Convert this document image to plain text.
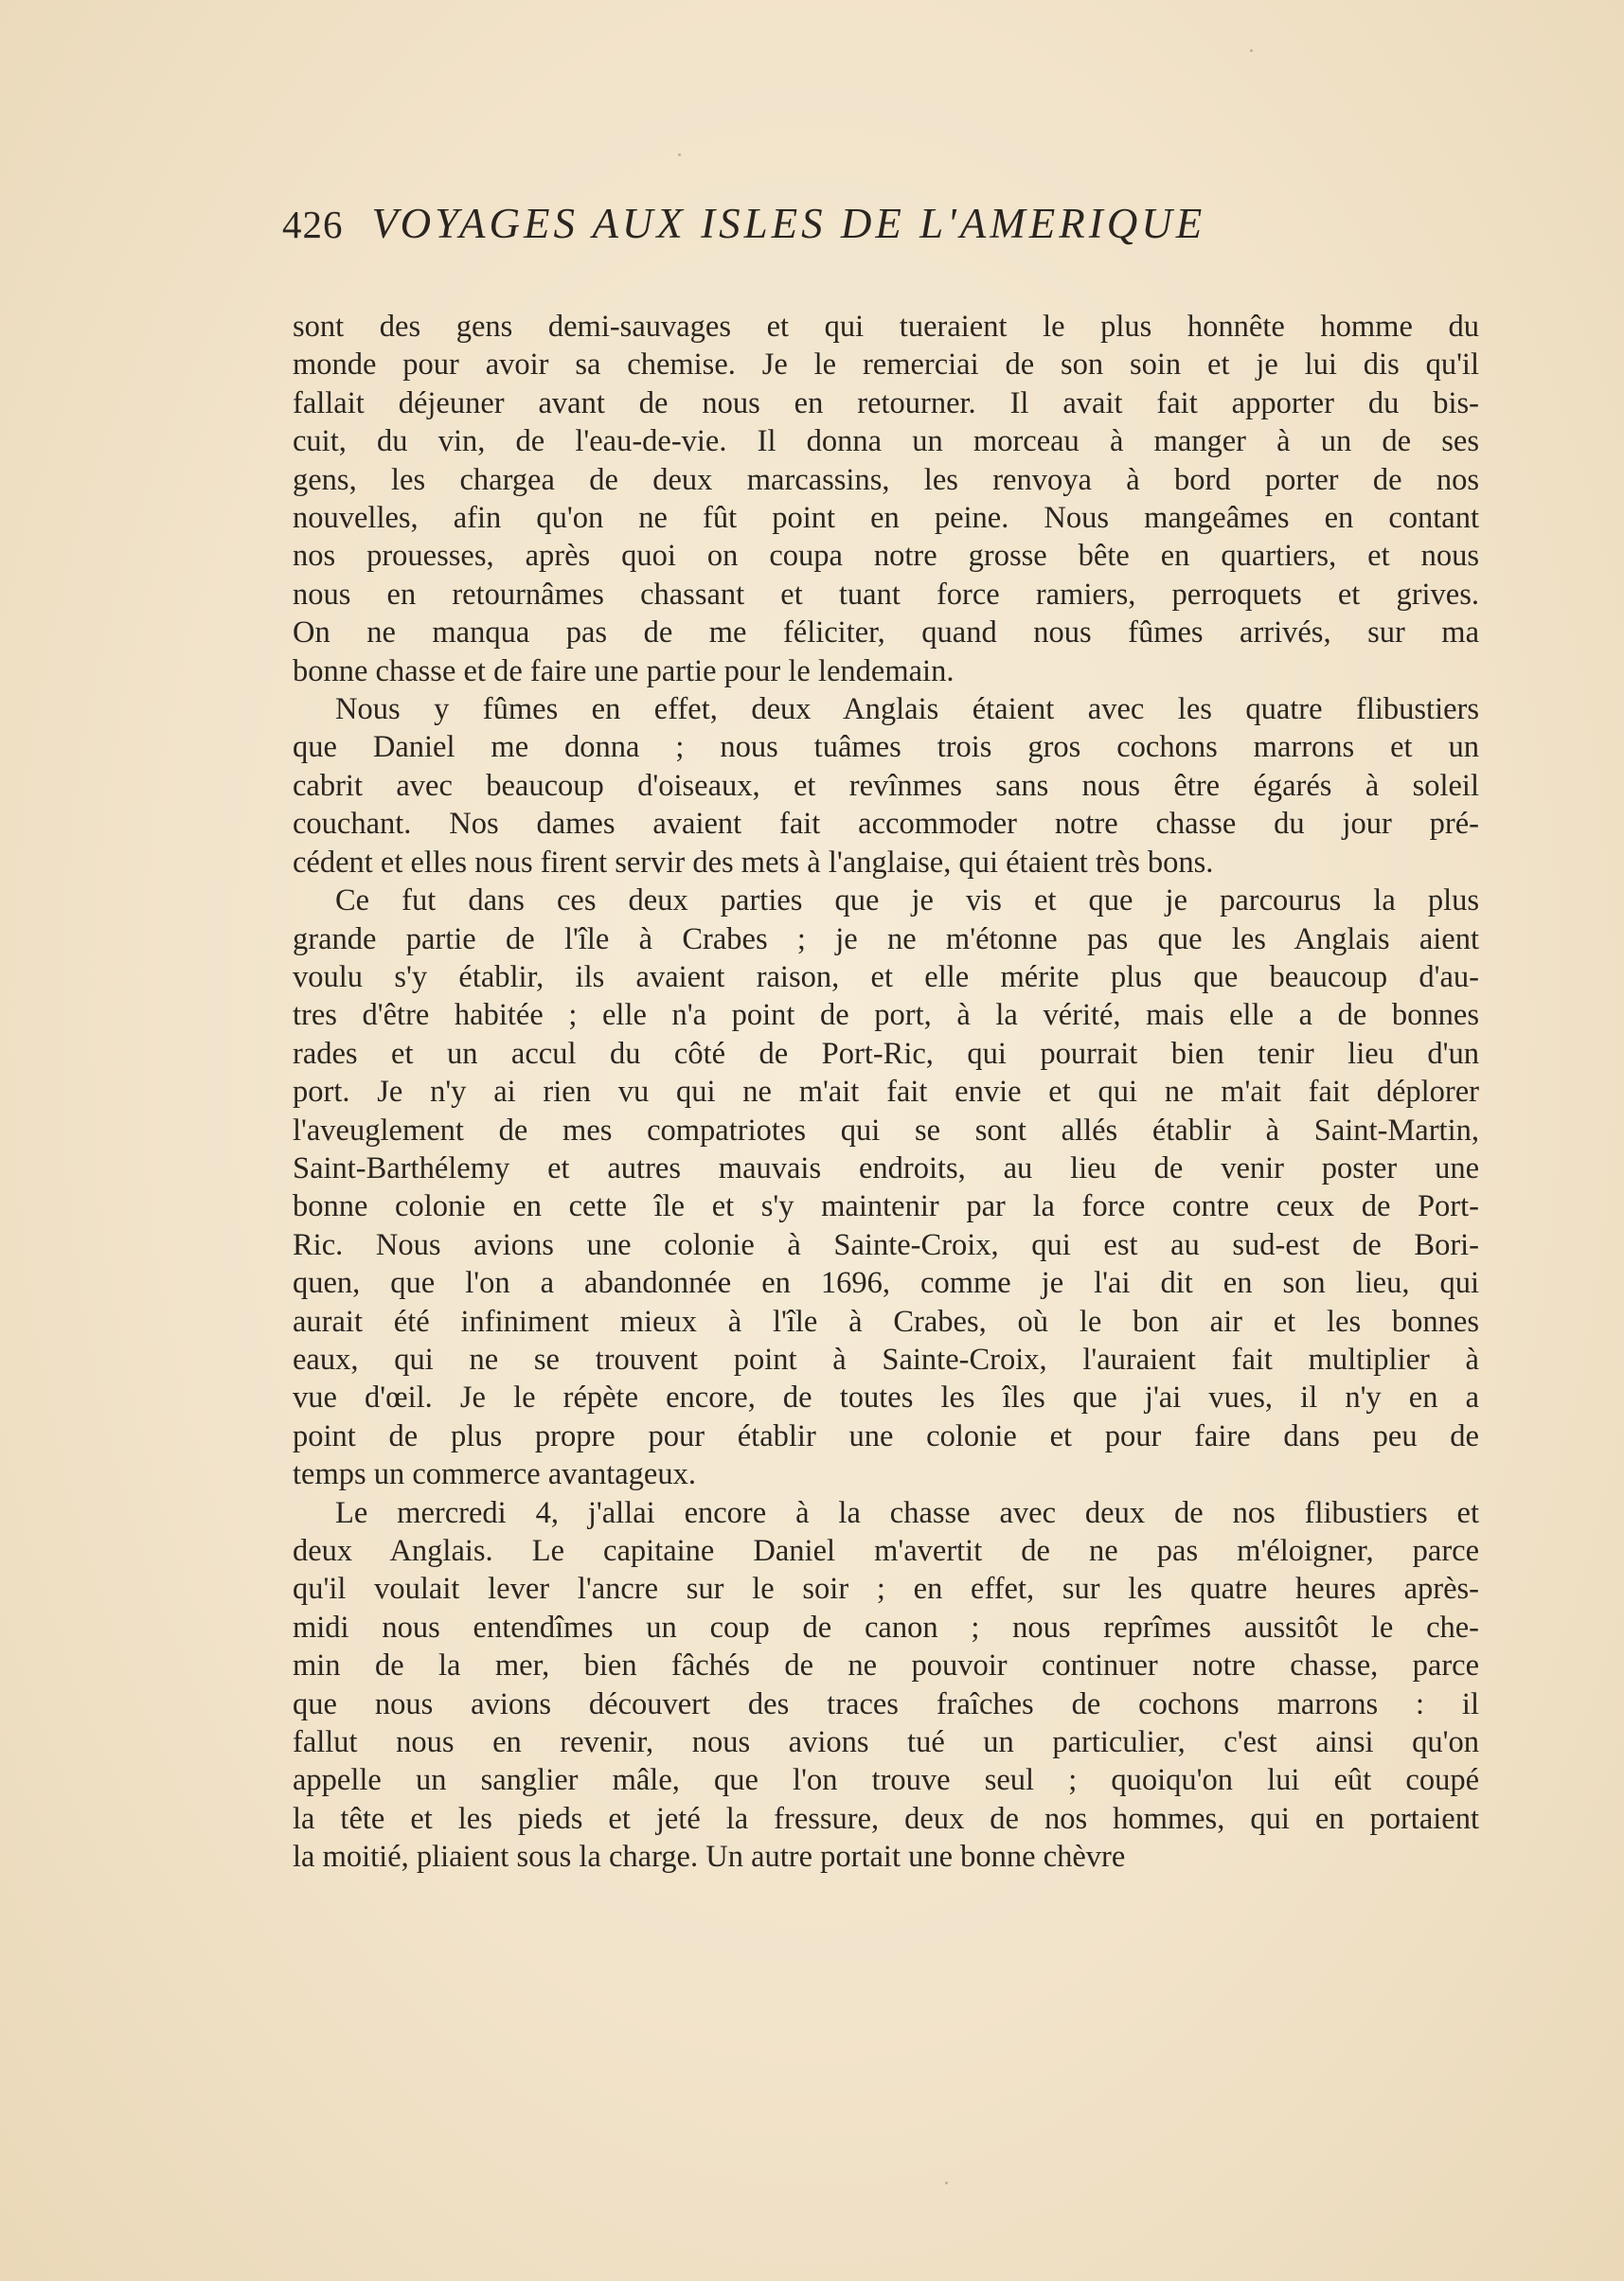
426 VOYAGES AUX ISLES DE L'AMERIQUE

sont des gens demi-sauvages et qui tueraient le plus honnête homme du

monde pour avoir sa chemise. Je le remerciai de son soin et je lui dis qu'il

fallait déjeuner avant de nous en retourner. Il avait fait apporter du bis-

cuit, du vin, de l'eau-de-vie. Il donna un morceau à manger à un de ses

gens, les chargea de deux marcassins, les renvoya à bord porter de nos

nouvelles, afin qu'on ne fût point en peine. Nous mangeâmes en contant

nos prouesses, après quoi on coupa notre grosse bête en quartiers, et nous

nous en retournâmes chassant et tuant force ramiers, perroquets et grives.

On ne manqua pas de me féliciter, quand nous fûmes arrivés, sur ma

bonne chasse et de faire une partie pour le lendemain.

Nous y fûmes en effet, deux Anglais étaient avec les quatre flibustiers

que Daniel me donna ; nous tuâmes trois gros cochons marrons et un

cabrit avec beaucoup d'oiseaux, et revînmes sans nous être égarés à soleil

couchant. Nos dames avaient fait accommoder notre chasse du jour pré-

cédent et elles nous firent servir des mets à l'anglaise, qui étaient très bons.

Ce fut dans ces deux parties que je vis et que je parcourus la plus

grande partie de l'île à Crabes ; je ne m'étonne pas que les Anglais aient

voulu s'y établir, ils avaient raison, et elle mérite plus que beaucoup d'au-

tres d'être habitée ; elle n'a point de port, à la vérité, mais elle a de bonnes

rades et un accul du côté de Port-Ric, qui pourrait bien tenir lieu d'un

port. Je n'y ai rien vu qui ne m'ait fait envie et qui ne m'ait fait déplorer

l'aveuglement de mes compatriotes qui se sont allés établir à Saint-Martin,

Saint-Barthélemy et autres mauvais endroits, au lieu de venir poster une

bonne colonie en cette île et s'y maintenir par la force contre ceux de Port-

Ric. Nous avions une colonie à Sainte-Croix, qui est au sud-est de Bori-

quen, que l'on a abandonnée en 1696, comme je l'ai dit en son lieu, qui

aurait été infiniment mieux à l'île à Crabes, où le bon air et les bonnes

eaux, qui ne se trouvent point à Sainte-Croix, l'auraient fait multiplier à

vue d'œil. Je le répète encore, de toutes les îles que j'ai vues, il n'y en a

point de plus propre pour établir une colonie et pour faire dans peu de

temps un commerce avantageux.

Le mercredi 4, j'allai encore à la chasse avec deux de nos flibustiers et

deux Anglais. Le capitaine Daniel m'avertit de ne pas m'éloigner, parce

qu'il voulait lever l'ancre sur le soir ; en effet, sur les quatre heures après-

midi nous entendîmes un coup de canon ; nous reprîmes aussitôt le che-

min de la mer, bien fâchés de ne pouvoir continuer notre chasse, parce

que nous avions découvert des traces fraîches de cochons marrons : il

fallut nous en revenir, nous avions tué un particulier, c'est ainsi qu'on

appelle un sanglier mâle, que l'on trouve seul ; quoiqu'on lui eût coupé

la tête et les pieds et jeté la fressure, deux de nos hommes, qui en portaient

la moitié, pliaient sous la charge. Un autre portait une bonne chèvre
